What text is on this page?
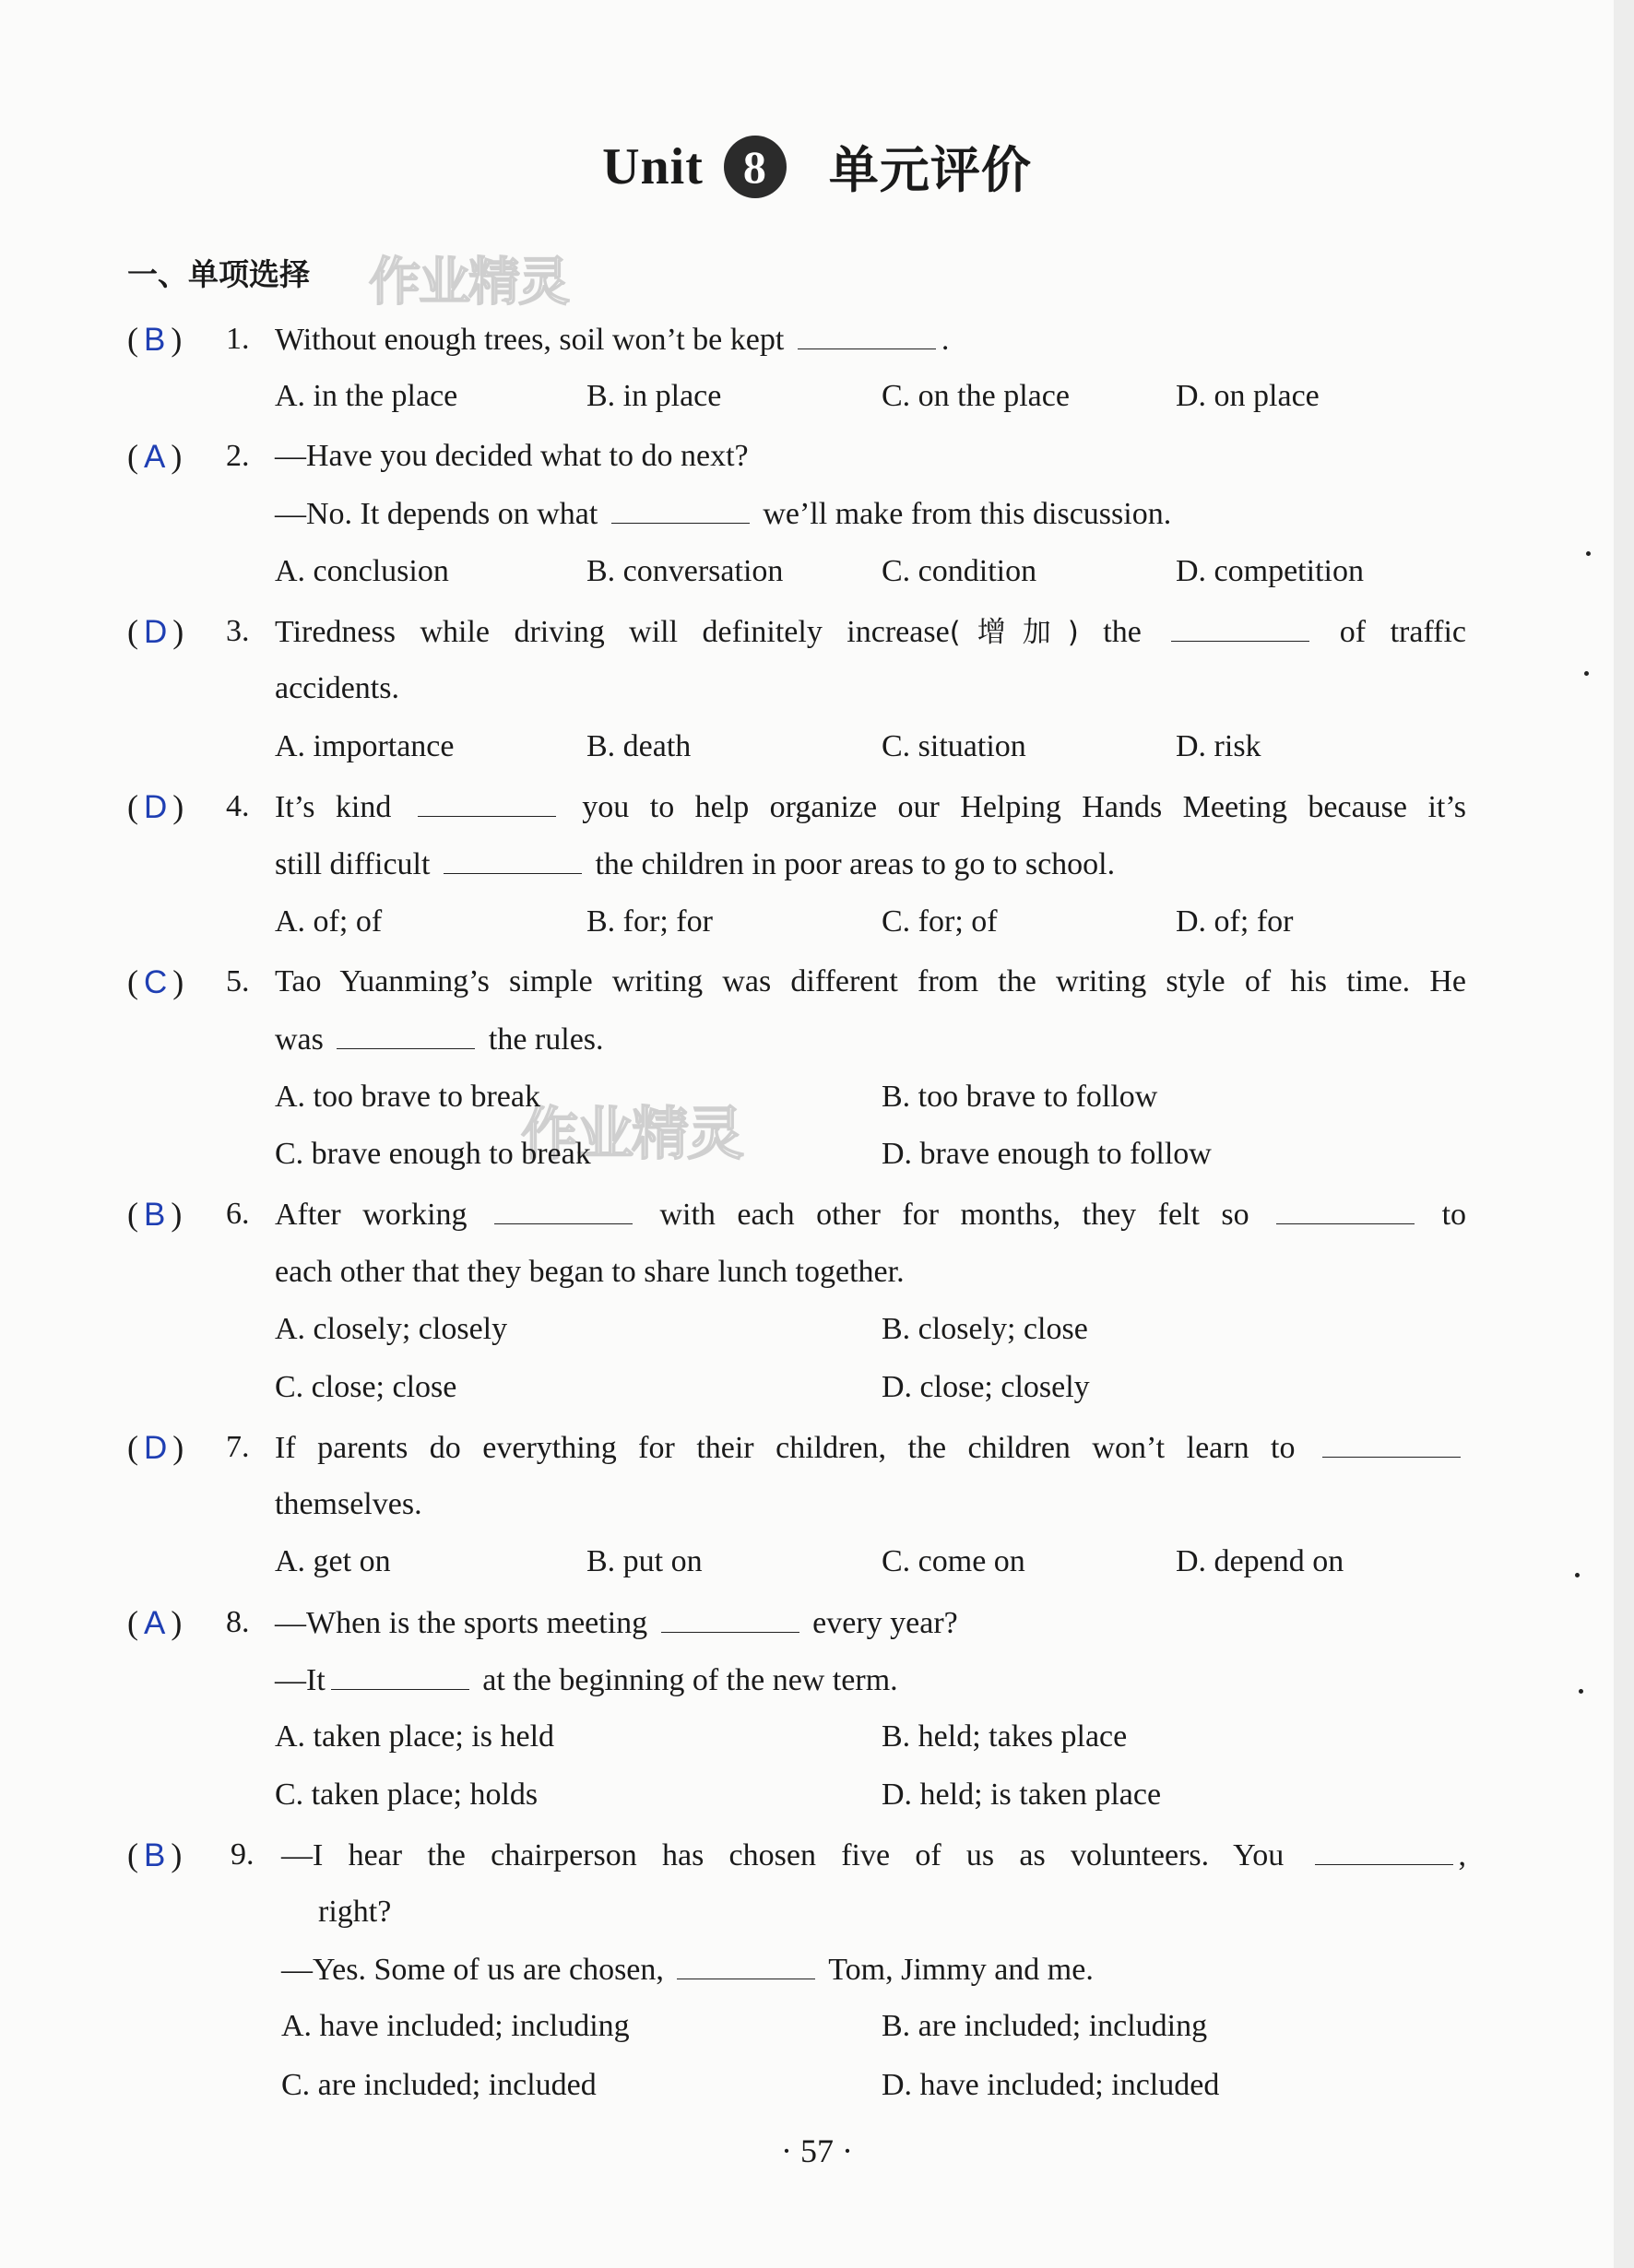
Unit 8	单元评价
一、单项选择 作业精灵
作业精灵
( B ) 1. Without enough trees, soil won’t be kept	.
A. in the place	B. in place	C. on the place	D. on place
( A ) 2. —Have you decided what to do next?
—No. It depends on what	we’ll make from this discussion.
A. conclusion	B. conversation	C. condition	D. competition
( D ) 3. Tiredness while driving will definitely increase(增加) the	of traffic
accidents.
A. importance	B. death	C. situation	D. risk
( D ) 4. It’s kind	you to help organize our Helping Hands Meeting because it’s
still difficult	the children in poor areas to go to school.
A. of; of	B. for; for	C. for; of	D. of; for
( C ) 5. Tao Yuanming’s simple writing was different from the writing style of his time. He
was	the rules.
A. too brave to break	B. too brave to follow
C. brave enough to break	D. brave enough to follow
( B ) 6. After working	with each other for months, they felt so	to
each other that they began to share lunch together.
A. closely; closely	B. closely; close
C. close; close	D. close; closely
( D ) 7. If parents do everything for their children, the children won’t learn to
themselves.
A. get on	B. put on	C. come on	D. depend on
( A ) 8. —When is the sports meeting	every year?
—It	at the beginning of the new term.
A. taken place; is held	B. held; takes place
C. taken place; holds	D. held; is taken place
( B ) 9. —I hear the chairperson has chosen five of us as volunteers. You	,
right?
—Yes. Some of us are chosen,	Tom, Jimmy and me.
A. have included; including	B. are included; including
C. are included; included	D. have included; included
· 57 ·
